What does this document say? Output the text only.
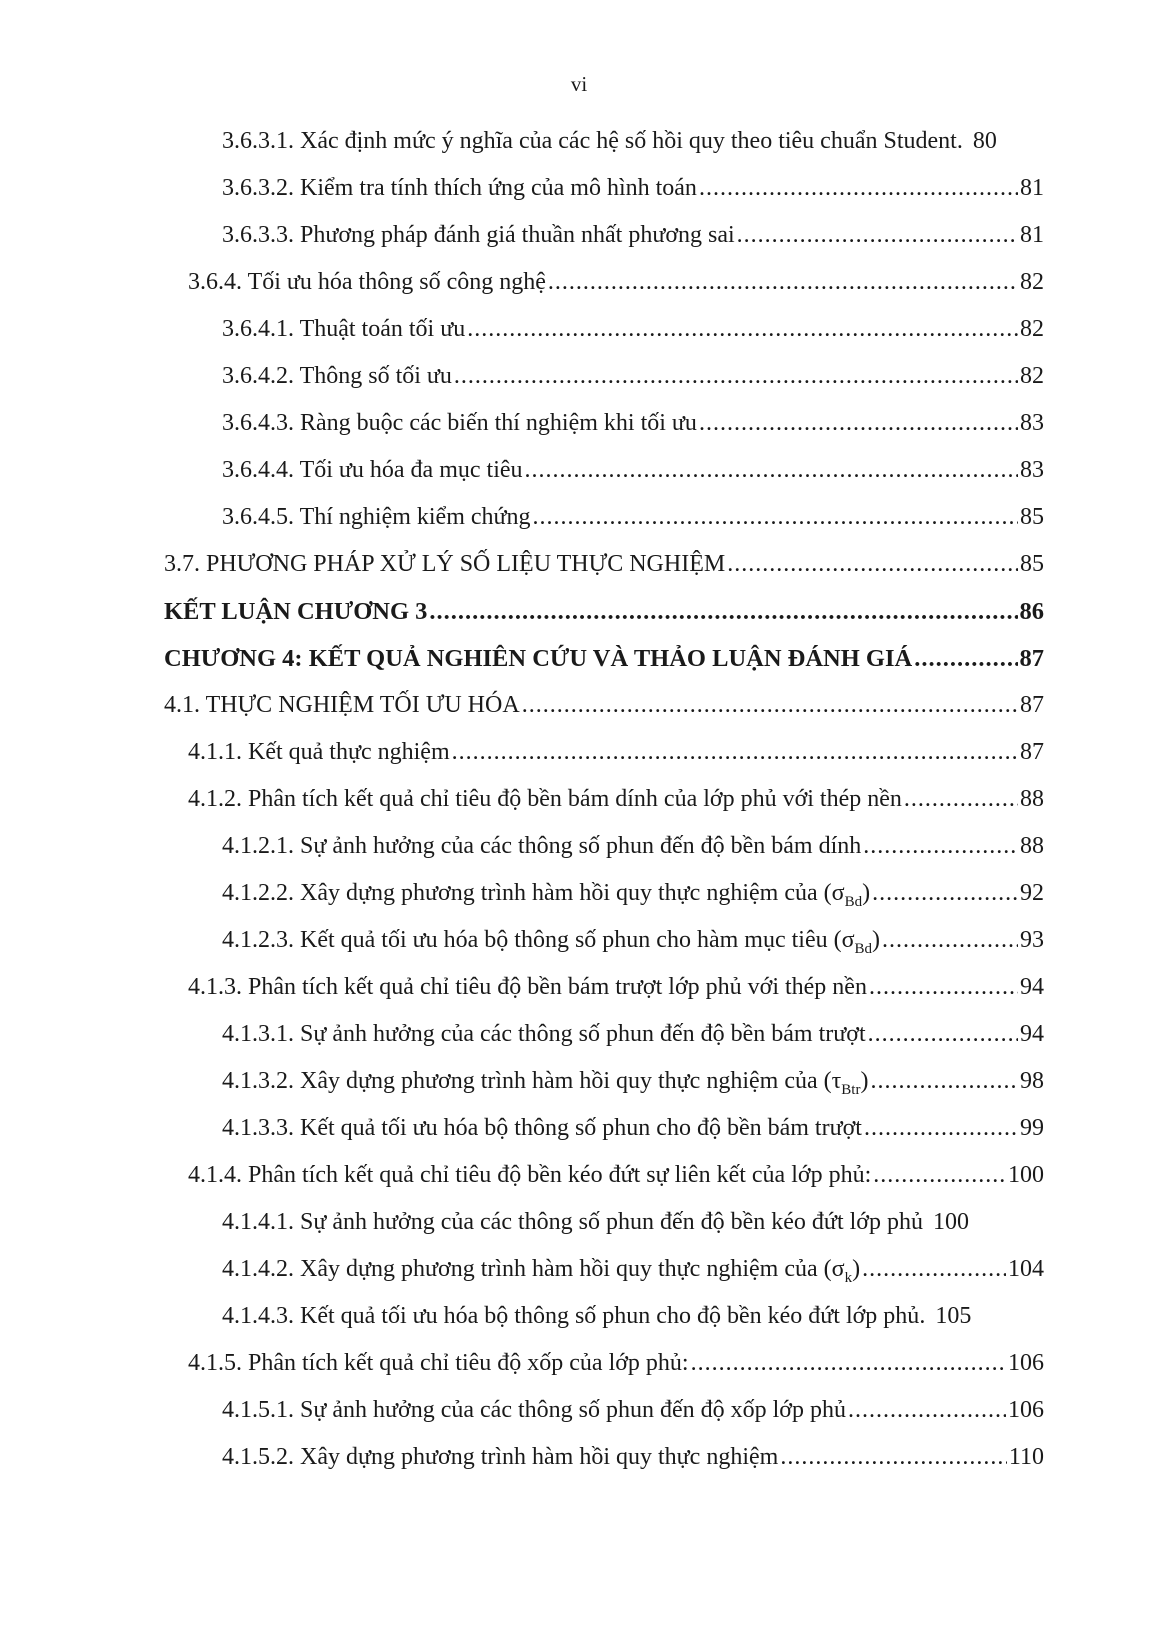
vi
3.6.3.1. Xác định mức ý nghĩa của các hệ số hồi quy theo tiêu chuẩn Student. 80
3.6.3.2. Kiểm tra tính thích ứng của mô hình toán .....	81
3.6.3.3. Phương pháp đánh giá thuần nhất phương sai .....	81
3.6.4. Tối ưu hóa thông số công nghệ .....	82
3.6.4.1. Thuật toán tối ưu .....	82
3.6.4.2. Thông số tối ưu .....	82
3.6.4.3. Ràng buộc các biến thí nghiệm khi tối ưu .....	83
3.6.4.4. Tối ưu hóa đa mục tiêu .....	83
3.6.4.5. Thí nghiệm kiểm chứng .....	85
3.7. PHƯƠNG PHÁP XỬ LÝ SỐ LIỆU THỰC NGHIỆM .....	85
KẾT LUẬN CHƯƠNG 3 .....	86
CHƯƠNG 4: KẾT QUẢ NGHIÊN CỨU VÀ THẢO LUẬN ĐÁNH GIÁ .....	87
4.1. THỰC NGHIỆM TỐI ƯU HÓA .....	87
4.1.1. Kết quả thực nghiệm .....	87
4.1.2. Phân tích kết quả chỉ tiêu độ bền bám dính của lớp phủ với thép nền .....	88
4.1.2.1. Sự ảnh hưởng của các thông số phun đến độ bền bám dính .....	88
4.1.2.2. Xây dựng phương trình hàm hồi quy thực nghiệm của $(\sigma_{Bd})$ .....	92
4.1.2.3. Kết quả tối ưu hóa bộ thông số phun cho hàm mục tiêu $(\sigma_{Bd})$ .....	93
4.1.3. Phân tích kết quả chỉ tiêu độ bền bám trượt lớp phủ với thép nền .....	94
4.1.3.1. Sự ảnh hưởng của các thông số phun đến độ bền bám trượt .....	94
4.1.3.2. Xây dựng phương trình hàm hồi quy thực nghiệm của $(\tau_{Btr})$ .....	98
4.1.3.3. Kết quả tối ưu hóa bộ thông số phun cho độ bền bám trượt .....	99
4.1.4. Phân tích kết quả chỉ tiêu độ bền kéo đứt sự liên kết của lớp phủ: .....	100
4.1.4.1. Sự ảnh hưởng của các thông số phun đến độ bền kéo đứt lớp phủ 100
4.1.4.2. Xây dựng phương trình hàm hồi quy thực nghiệm của $(\sigma_k)$ .....	104
4.1.4.3. Kết quả tối ưu hóa bộ thông số phun cho độ bền kéo đứt lớp phủ. 105
4.1.5. Phân tích kết quả chỉ tiêu độ xốp của lớp phủ: .....	106
4.1.5.1. Sự ảnh hưởng của các thông số phun đến độ xốp lớp phủ .....	106
4.1.5.2. Xây dựng phương trình hàm hồi quy thực nghiệm .....	110
